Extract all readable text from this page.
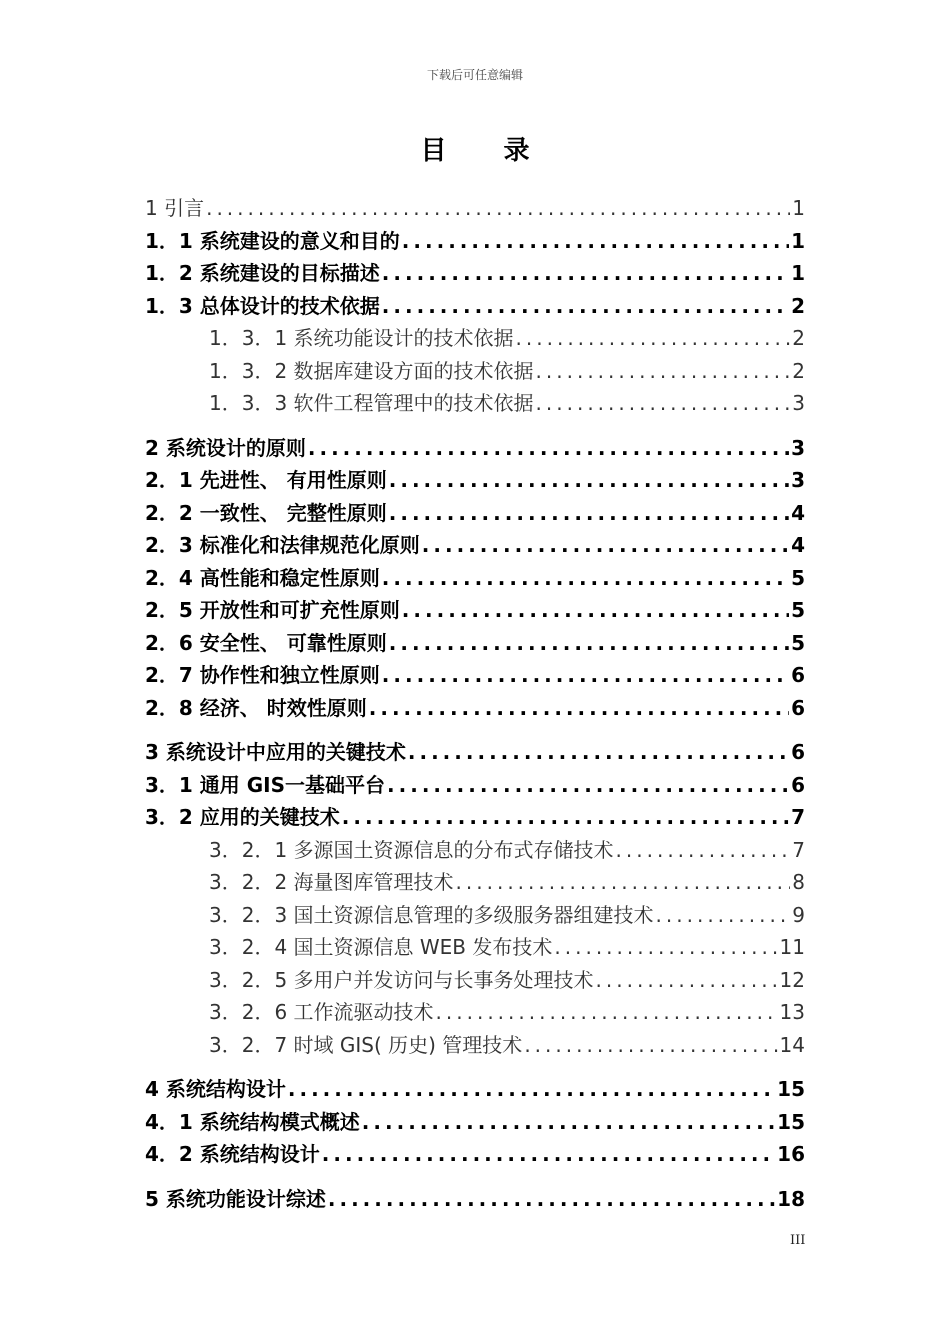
下载后可任意编辑
目 录
1 引言 .....	1
1．1 系统建设的意义和目的 .....	1
1．2 系统建设的目标描述 .....	1
1．3 总体设计的技术依据 .....	2
1．3．1 系统功能设计的技术依据 .....	2
1．3．2 数据库建设方面的技术依据 .....	2
1．3．3 软件工程管理中的技术依据 .....	3
2 系统设计的原则 .....	3
2．1 先进性、 有用性原则 .....	3
2．2 一致性、 完整性原则 .....	4
2．3 标准化和法律规范化原则 .....	4
2．4 高性能和稳定性原则 .....	5
2．5 开放性和可扩充性原则 .....	5
2．6 安全性、 可靠性原则 .....	5
2．7 协作性和独立性原则 .....	6
2．8 经济、 时效性原则 .....	6
3 系统设计中应用的关键技术 .....	6
3．1 通用 GIS一基础平台 .....	6
3．2 应用的关键技术 .....	7
3．2．1 多源国土资源信息的分布式存储技术 .....	7
3．2．2 海量图库管理技术 .....	8
3．2．3 国土资源信息管理的多级服务器组建技术 .....	9
3．2．4 国土资源信息 WEB 发布技术 .....	11
3．2．5 多用户并发访问与长事务处理技术 .....	12
3．2．6 工作流驱动技术 .....	13
3．2．7 时域 GIS( 历史) 管理技术 .....	14
4 系统结构设计 .....	15
4．1 系统结构模式概述 .....	15
4．2 系统结构设计 .....	16
5 系统功能设计综述 .....	18
III
